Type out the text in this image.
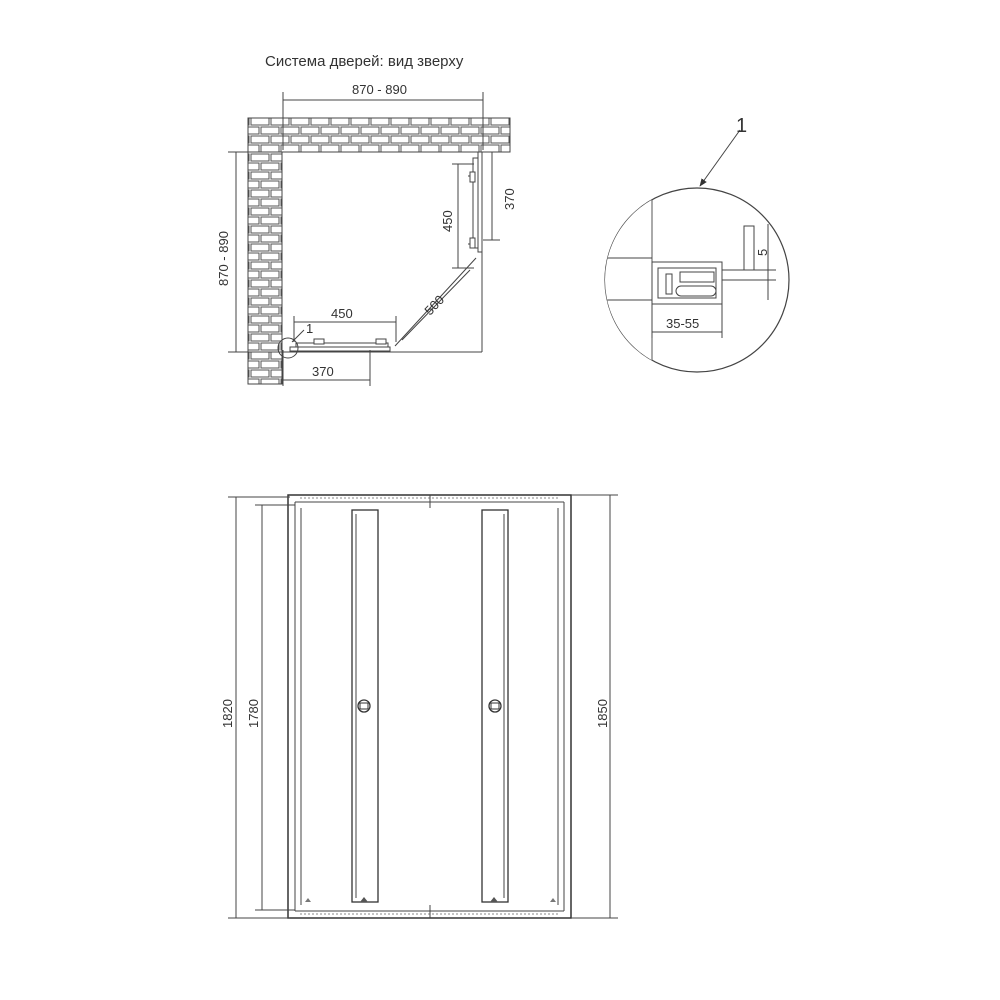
Система дверей: вид зверху
870 - 890
870 - 890
450
370
450
370
500
1
5
35-55
1
1820 1780	1850
